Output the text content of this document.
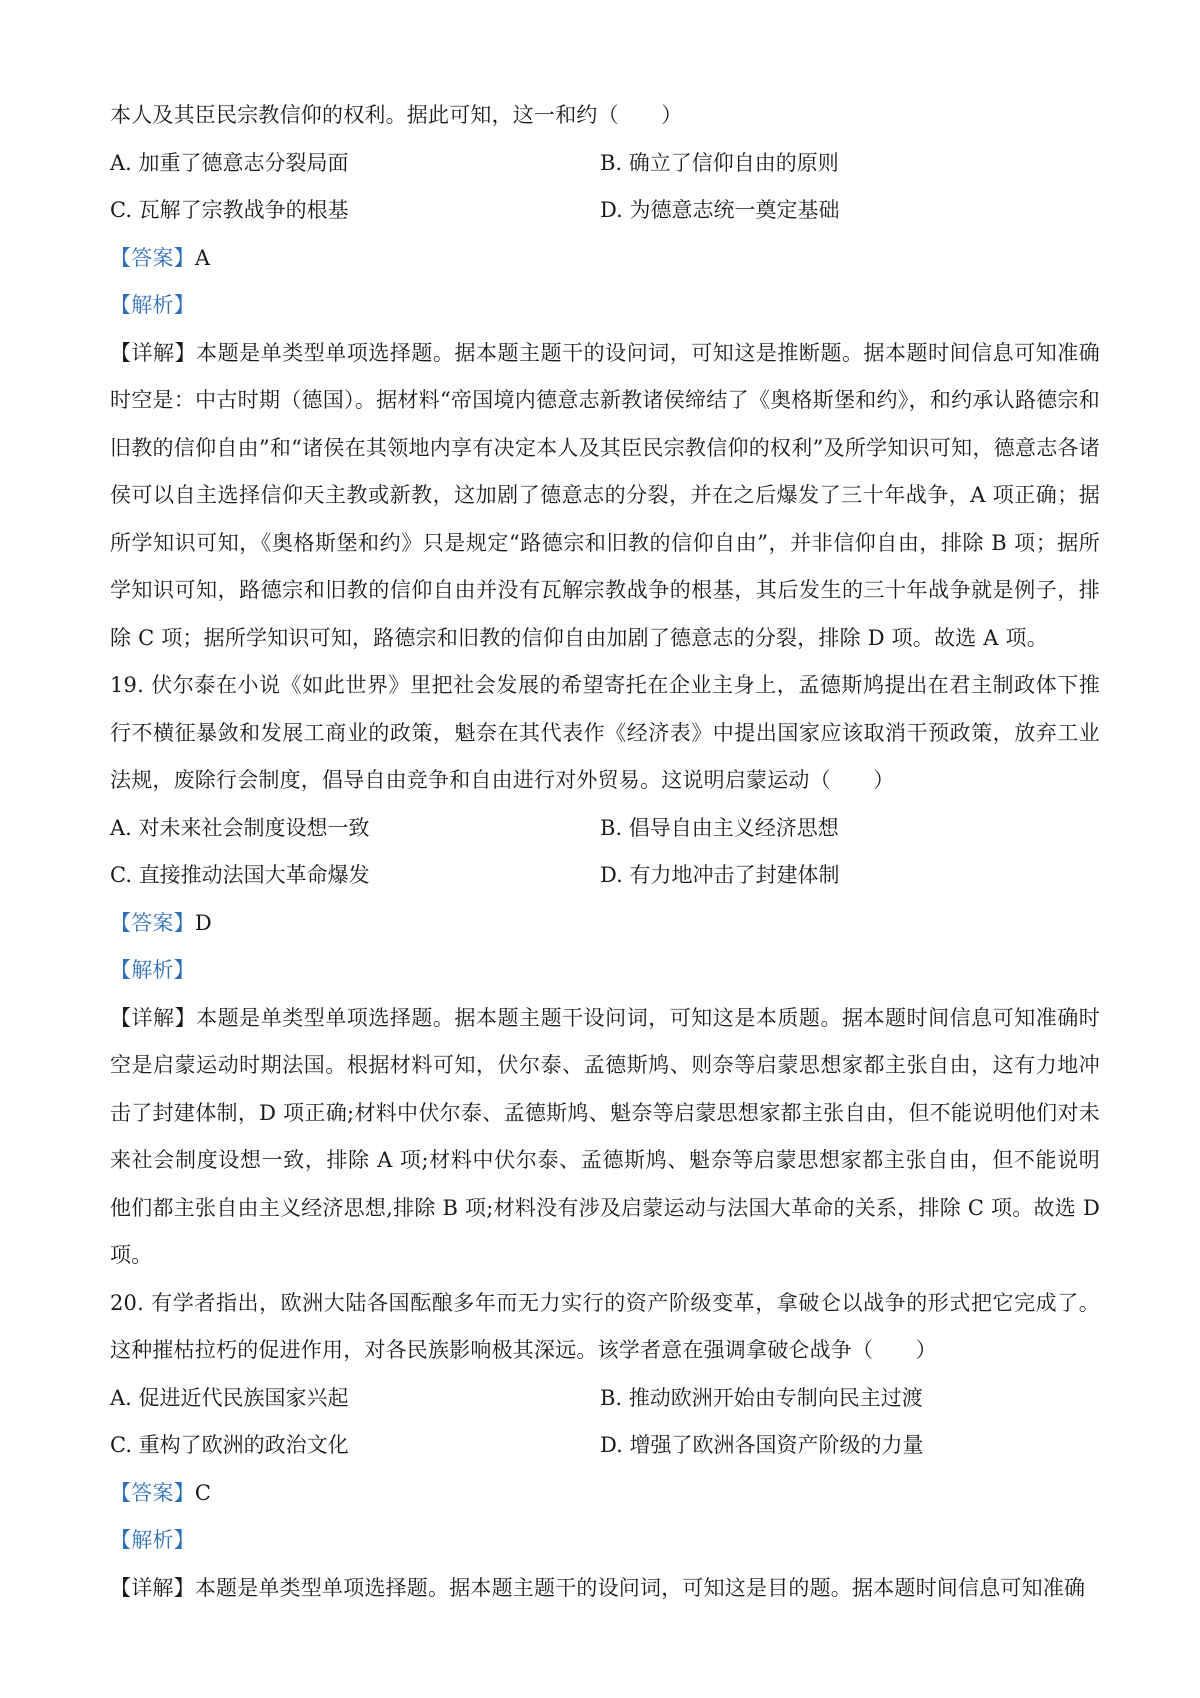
本人及其臣民宗教信仰的权利。据此可知，这一和约（　　）
A. 加重了德意志分裂局面	B. 确立了信仰自由的原则
C. 瓦解了宗教战争的根基	D. 为德意志统一奠定基础
【答案】A
【解析】
【详解】本题是单类型单项选择题。据本题主题干的设问词，可知这是推断题。据本题时间信息可知准确时空是：中古时期（德国）。据材料“帝国境内德意志新教诸侯缔结了《奥格斯堡和约》，和约承认路德宗和旧教的信仰自由”和“诸侯在其领地内享有决定本人及其臣民宗教信仰的权利”及所学知识可知，德意志各诸侯可以自主选择信仰天主教或新教，这加剧了德意志的分裂，并在之后爆发了三十年战争，A 项正确；据所学知识可知，《奥格斯堡和约》只是规定“路德宗和旧教的信仰自由”，并非信仰自由，排除 B 项；据所学知识可知，路德宗和旧教的信仰自由并没有瓦解宗教战争的根基，其后发生的三十年战争就是例子，排除 C 项；据所学知识可知，路德宗和旧教的信仰自由加剧了德意志的分裂，排除 D 项。故选 A 项。
19. 伏尔泰在小说《如此世界》里把社会发展的希望寄托在企业主身上，孟德斯鸠提出在君主制政体下推行不横征暴敛和发展工商业的政策，魁奈在其代表作《经济表》中提出国家应该取消干预政策，放弃工业法规，废除行会制度，倡导自由竞争和自由进行对外贸易。这说明启蒙运动（　　）
A. 对未来社会制度设想一致	B. 倡导自由主义经济思想
C. 直接推动法国大革命爆发	D. 有力地冲击了封建体制
【答案】D
【解析】
【详解】本题是单类型单项选择题。据本题主题干设问词，可知这是本质题。据本题时间信息可知准确时空是启蒙运动时期法国。根据材料可知，伏尔泰、孟德斯鸠、则奈等启蒙思想家都主张自由，这有力地冲击了封建体制，D 项正确;材料中伏尔泰、孟德斯鸠、魁奈等启蒙思想家都主张自由，但不能说明他们对未来社会制度设想一致，排除 A 项;材料中伏尔泰、孟德斯鸠、魁奈等启蒙思想家都主张自由，但不能说明他们都主张自由主义经济思想,排除 B 项;材料没有涉及启蒙运动与法国大革命的关系，排除 C 项。故选 D 项。
20. 有学者指出，欧洲大陆各国酝酿多年而无力实行的资产阶级变革，拿破仑以战争的形式把它完成了。这种摧枯拉朽的促进作用，对各民族影响极其深远。该学者意在强调拿破仑战争（　　）
A. 促进近代民族国家兴起	B. 推动欧洲开始由专制向民主过渡
C. 重构了欧洲的政治文化	D. 增强了欧洲各国资产阶级的力量
【答案】C
【解析】
【详解】本题是单类型单项选择题。据本题主题干的设问词，可知这是目的题。据本题时间信息可知准确
